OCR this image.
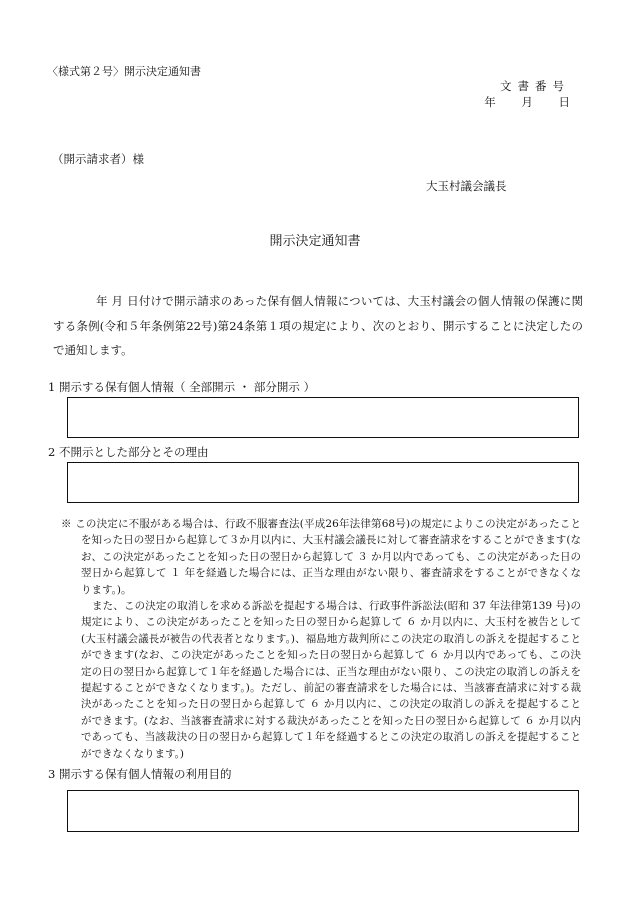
〈様式第２号〉開示決定通知書
文書番号
年 月 日
（開示請求者）様
大玉村議会議長
開示決定通知書
年 月 日付けで開示請求のあった保有個人情報については、大玉村議会の個人情報の保護に関する条例(令和５年条例第22号)第24条第１項の規定により、次のとおり、開示することに決定したので通知します。
1 開示する保有個人情報（ 全部開示 ・ 部分開示 ）
2 不開示とした部分とその理由
※ この決定に不服がある場合は、行政不服審査法(平成26年法律第68号)の規定によりこの決定があったことを知った日の翌日から起算して３か月以内に、大玉村議会議長に対して審査請求をすることができます(なお、この決定があったことを知った日の翌日から起算して ３ か月以内であっても、この決定があった日の翌日から起算して １ 年を経過した場合には、正当な理由がない限り、審査請求をすることができなくなります。)。
また、この決定の取消しを求める訴訟を提起する場合は、行政事件訴訟法(昭和 37 年法律第139 号)の規定により、この決定があったことを知った日の翌日から起算して ６ か月以内に、大玉村を被告として(大玉村議会議長が被告の代表者となります。)、福島地方裁判所にこの決定の取消しの訴えを提起することができます(なお、この決定があったことを知った日の翌日から起算して ６ か月以内であっても、この決定の日の翌日から起算して１年を経過した場合には、正当な理由がない限り、この決定の取消しの訴えを提起することができなくなります。)。ただし、前記の審査請求をした場合には、当該審査請求に対する裁決があったことを知った日の翌日から起算して ６ か月以内に、この決定の取消しの訴えを提起することができます。(なお、当該審査請求に対する裁決があったことを知った日の翌日から起算して ６ か月以内であっても、当該裁決の日の翌日から起算して１年を経過するとこの決定の取消しの訴えを提起することができなくなります。)
3 開示する保有個人情報の利用目的
